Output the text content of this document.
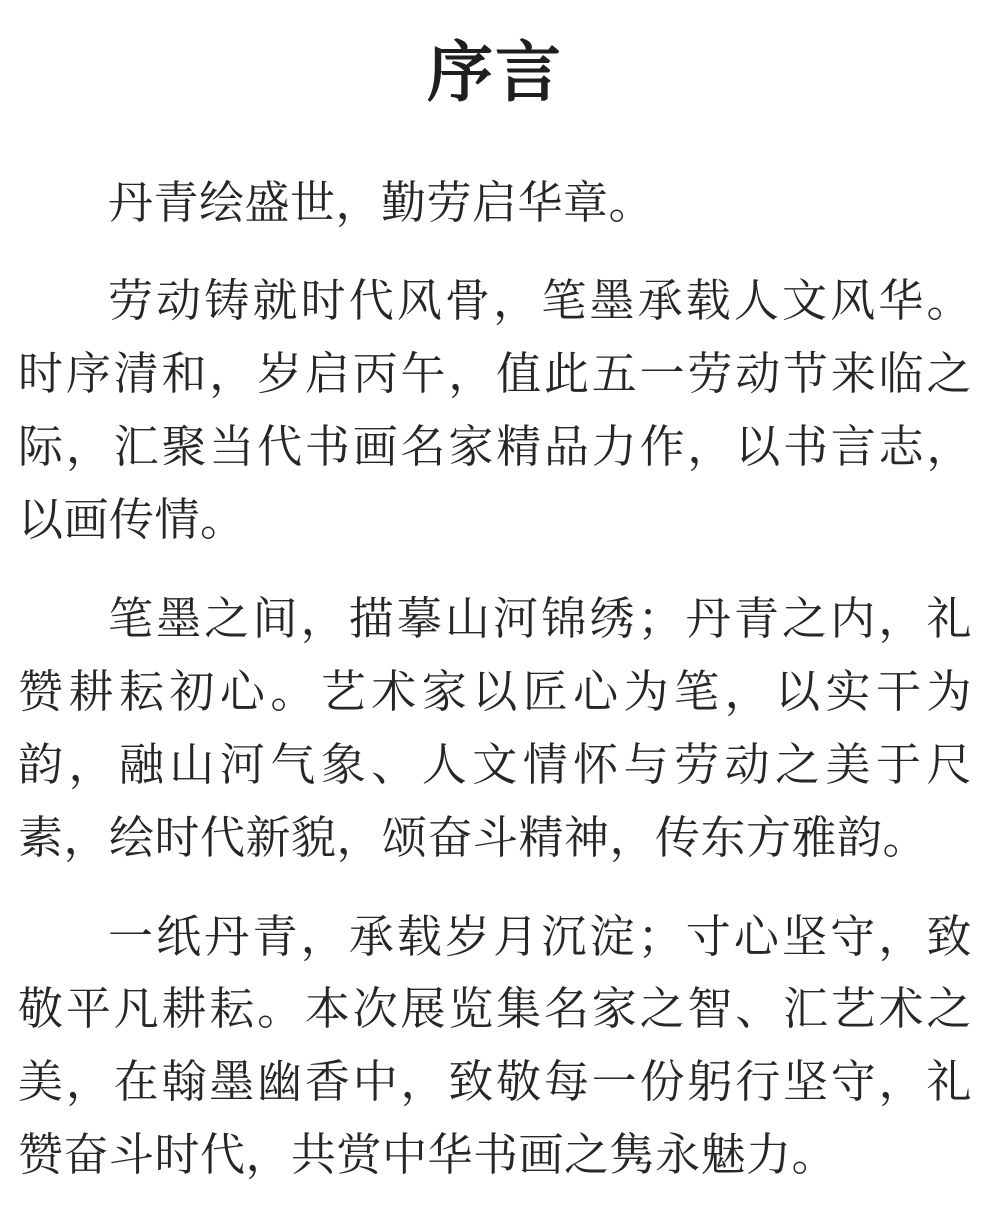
序言

丹青绘盛世，勤劳启华章。

劳动铸就时代风骨，笔墨承载人文风华。时序清和，岁启丙午，值此五一劳动节来临之际，汇聚当代书画名家精品力作，以书言志，以画传情。

笔墨之间，描摹山河锦绣；丹青之内，礼赞耕耘初心。艺术家以匠心为笔，以实干为韵，融山河气象、人文情怀与劳动之美于尺素，绘时代新貌，颂奋斗精神，传东方雅韵。

一纸丹青，承载岁月沉淀；寸心坚守，致敬平凡耕耘。本次展览集名家之智、汇艺术之美，在翰墨幽香中，致敬每一份躬行坚守，礼赞奋斗时代，共赏中华书画之隽永魅力。
